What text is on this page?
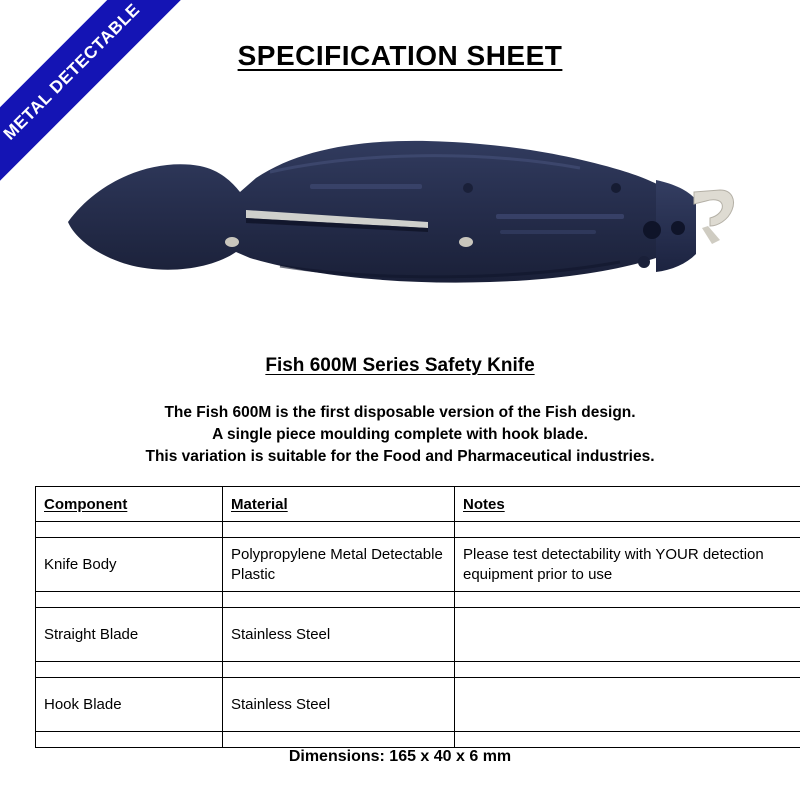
METAL DETECTABLE	SPECIFICATION SHEET
Fish 600M Series Safety Knife
The Fish 600M is the first disposable version of the Fish design.
A single piece moulding complete with hook blade.
This variation is suitable for the Food and Pharmaceutical industries.
Component	Material	Notes

Knife Body	Polypropylene Metal Detectable Plastic	Please test detectability with YOUR detection equipment prior to use

Straight Blade	Stainless Steel	

Hook Blade	Stainless Steel	

Dimensions: 165 x 40 x 6 mm
